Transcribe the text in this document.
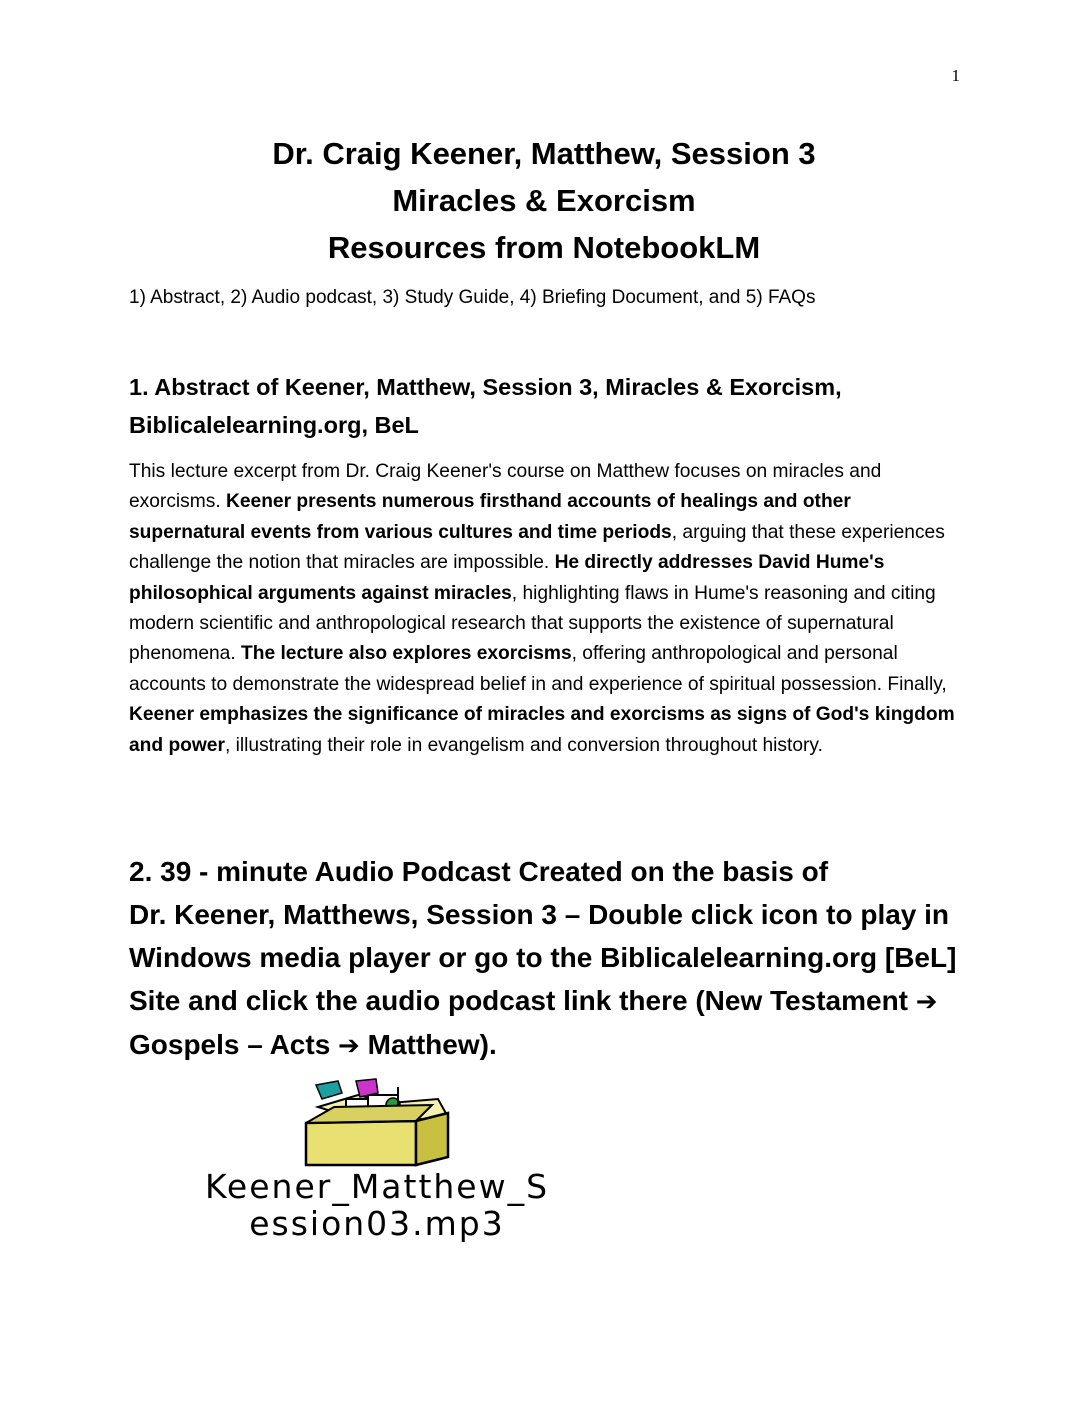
1
Dr. Craig Keener, Matthew, Session 3
Miracles & Exorcism
Resources from NotebookLM
1) Abstract, 2) Audio podcast, 3) Study Guide, 4) Briefing Document, and 5) FAQs
1. Abstract of Keener, Matthew, Session 3, Miracles & Exorcism,
Biblicalelearning.org, BeL
This lecture excerpt from Dr. Craig Keener's course on Matthew focuses on miracles and exorcisms. Keener presents numerous firsthand accounts of healings and other supernatural events from various cultures and time periods, arguing that these experiences challenge the notion that miracles are impossible. He directly addresses David Hume's philosophical arguments against miracles, highlighting flaws in Hume's reasoning and citing modern scientific and anthropological research that supports the existence of supernatural phenomena. The lecture also explores exorcisms, offering anthropological and personal accounts to demonstrate the widespread belief in and experience of spiritual possession. Finally, Keener emphasizes the significance of miracles and exorcisms as signs of God's kingdom and power, illustrating their role in evangelism and conversion throughout history.
2. 39 - minute Audio Podcast Created on the basis of
Dr. Keener, Matthews, Session 3 – Double click icon to play in
Windows media player or go to the Biblicalelearning.org [BeL]
Site and click the audio podcast link there (New Testament ➔
Gospels – Acts ➔ Matthew).
Keener_Matthew_S
ession03.mp3
